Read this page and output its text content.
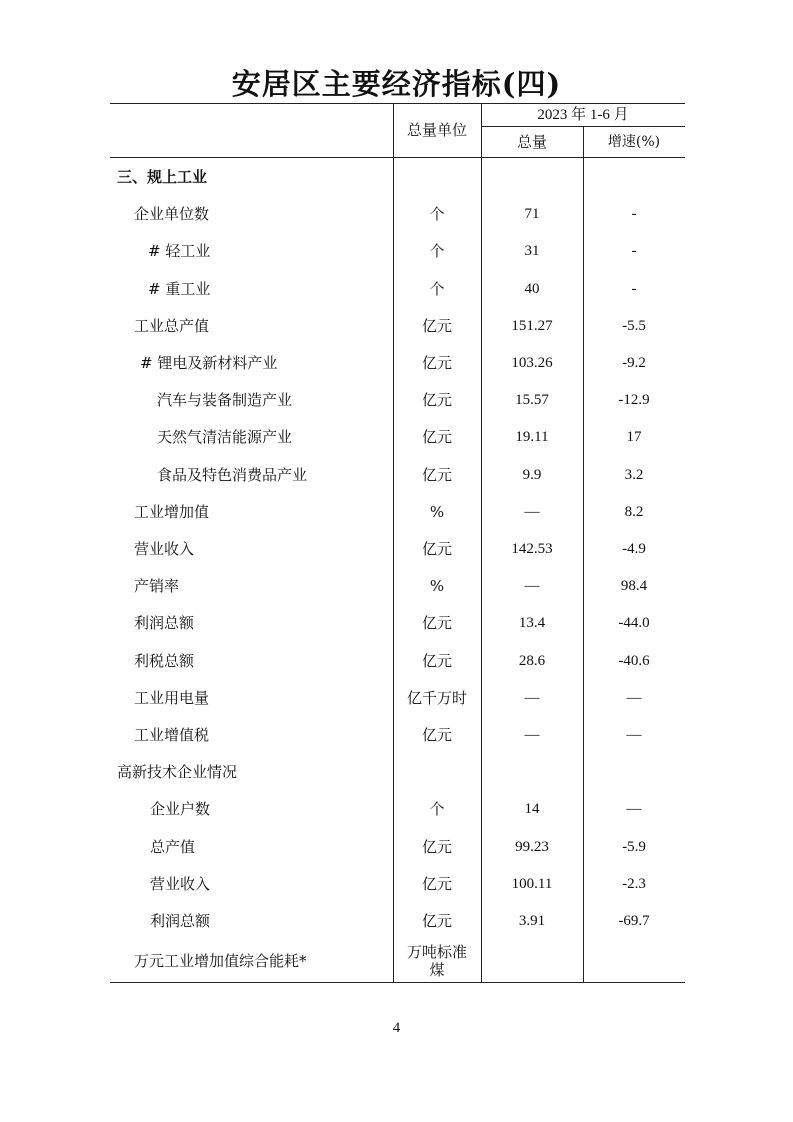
安居区主要经济指标(四)
2023 年 1-6 月
总量单位
总量	增速(%)
三、规上工业
企业单位数	个	71	-
# 轻工业	个	31	-
# 重工业	个	40	-
工业总产值	亿元	151.27	-5.5
# 锂电及新材料产业	亿元	103.26	-9.2
汽车与装备制造产业	亿元	15.57	-12.9
天然气清洁能源产业	亿元	19.11	17
食品及特色消费品产业	亿元	9.9	3.2
工业增加值	%	—	8.2
营业收入	亿元	142.53	-4.9
产销率	%	—	98.4
利润总额	亿元	13.4	-44.0
利税总额	亿元	28.6	-40.6
工业用电量	亿千万时	—	—
工业增值税	亿元	—	—
高新技术企业情况
企业户数	个	14	—
总产值	亿元	99.23	-5.9
营业收入	亿元	100.11	-2.3
利润总额	亿元	3.91	-69.7
万元工业增加值综合能耗*	万吨标准煤
4
